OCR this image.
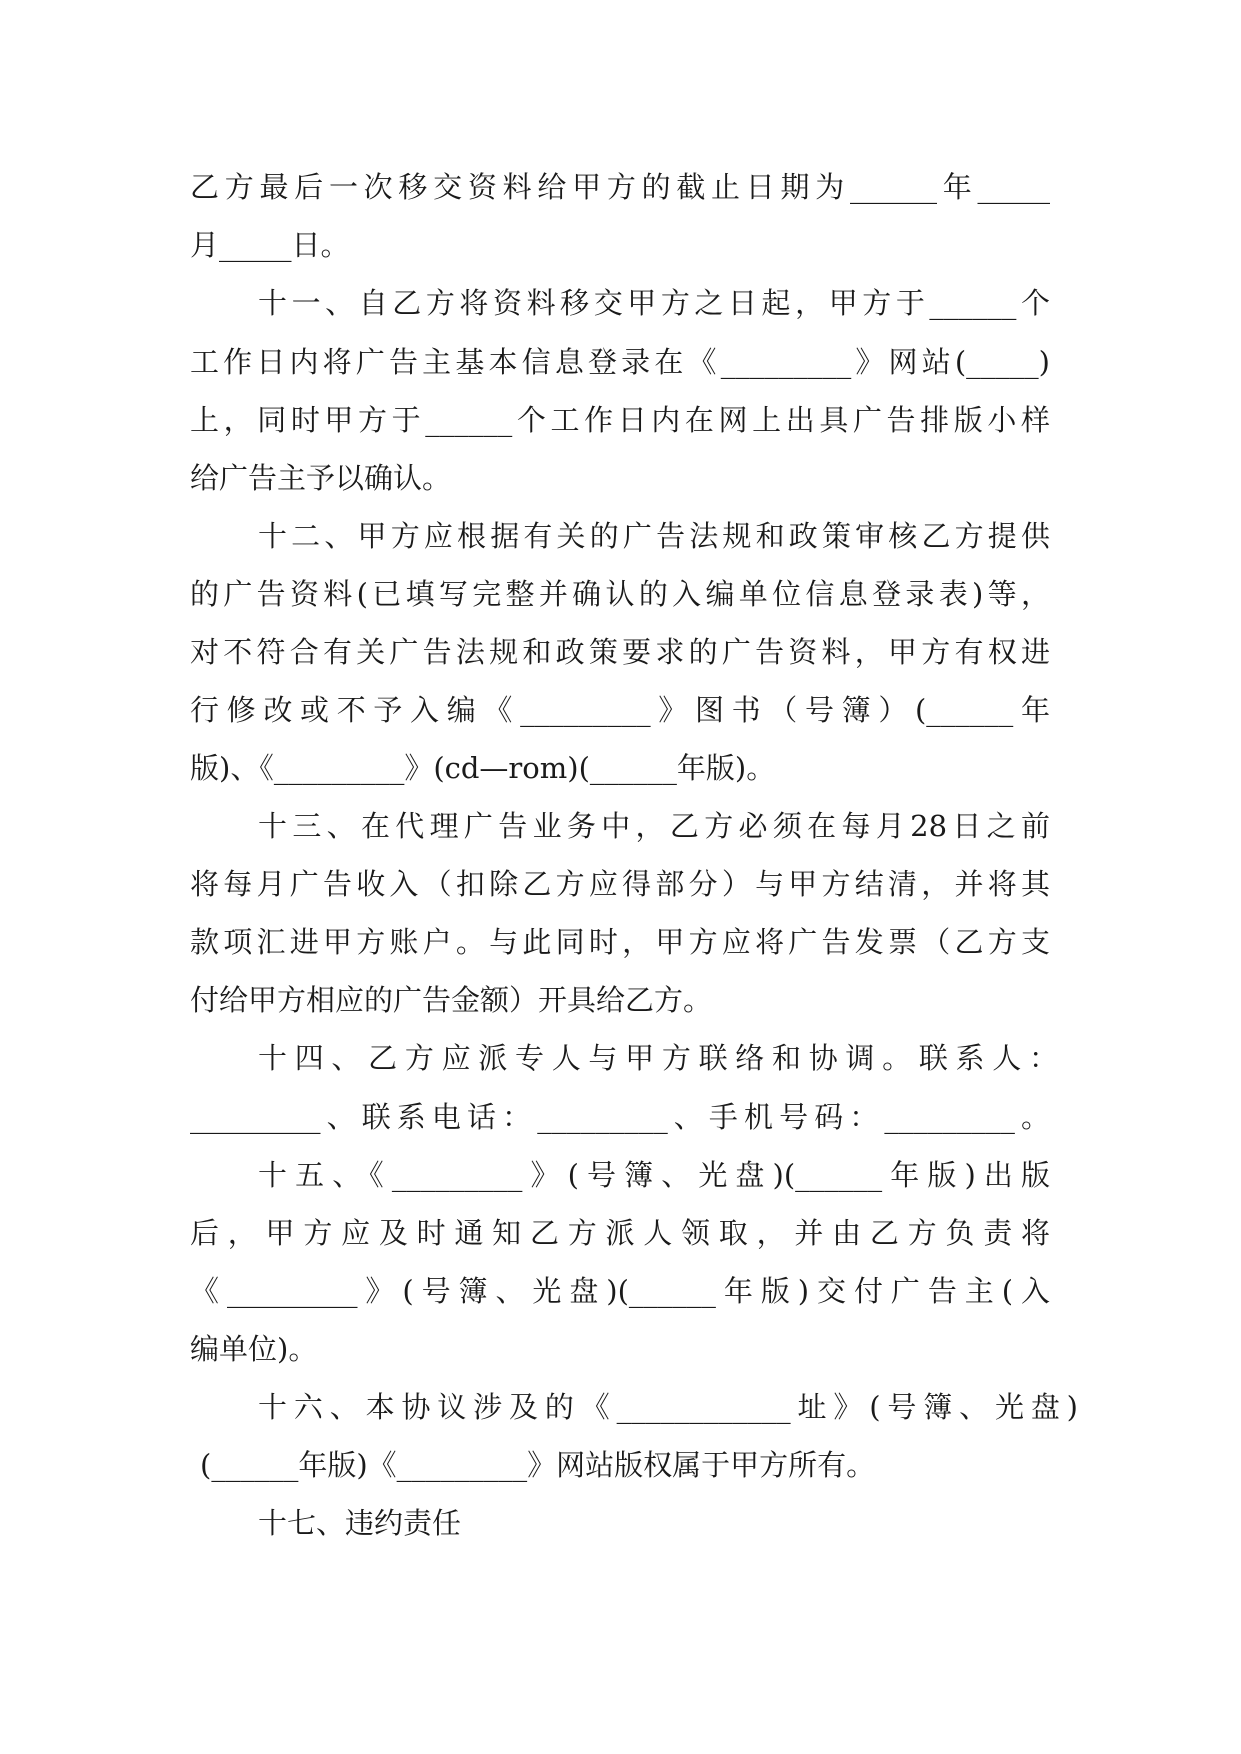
乙方最后一次移交资料给甲方的截止日期为______年_____
月_____日。
十一、自乙方将资料移交甲方之日起，甲方于______个
工作日内将广告主基本信息登录在《_________》网站(_____)
上，同时甲方于______个工作日内在网上出具广告排版小样
给广告主予以确认。
十二、甲方应根据有关的广告法规和政策审核乙方提供
的广告资料(已填写完整并确认的入编单位信息登录表)等，
对不符合有关广告法规和政策要求的广告资料，甲方有权进
行修改或不予入编《_________》图书（号簿）(______年
版)、《_________》(cd—rom)(______年版)。
十三、在代理广告业务中，乙方必须在每月28日之前
将每月广告收入（扣除乙方应得部分）与甲方结清，并将其
款项汇进甲方账户。与此同时，甲方应将广告发票（乙方支
付给甲方相应的广告金额）开具给乙方。
十四、乙方应派专人与甲方联络和协调。联系人：
_________、联系电话：_________、手机号码：_________。
十五、《_________》(号簿、光盘)(______年版)出版
后，甲方应及时通知乙方派人领取，并由乙方负责将
《_________》(号簿、光盘)(______年版)交付广告主(入
编单位)。
十六、本协议涉及的《____________址》(号簿、光盘)
(______年版)《_________》网站版权属于甲方所有。
十七、违约责任
